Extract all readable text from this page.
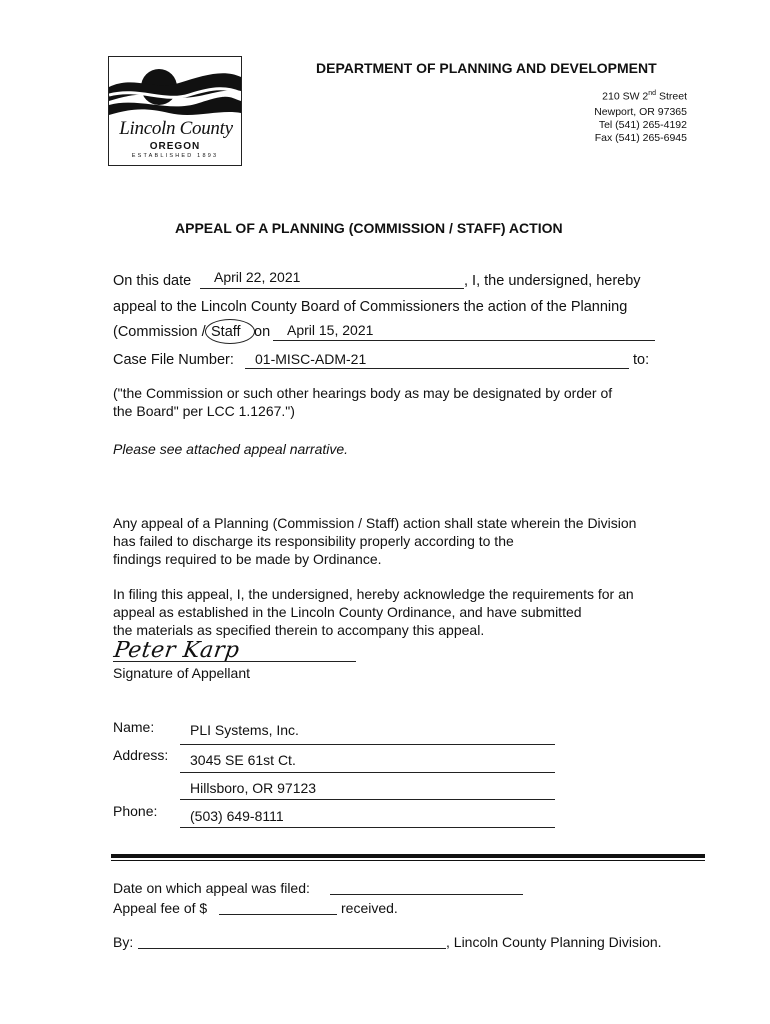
Lincoln County
OREGON
ESTABLISHED 1893
DEPARTMENT OF PLANNING AND DEVELOPMENT
210 SW 2nd Street
Newport, OR 97365
Tel (541) 265-4192
Fax (541) 265-6945
APPEAL OF A PLANNING (COMMISSION / STAFF) ACTION
On this date April 22, 2021	, I, the undersigned, hereby
appeal to the Lincoln County Board of Commissioners the action of the Planning
(Commission / Staff on April 15, 2021
Case File Number: 01-MISC-ADM-21	to:
("the Commission or such other hearings body as may be designated by order of
the Board" per LCC 1.1267.")
Please see attached appeal narrative.
Any appeal of a Planning (Commission / Staff) action shall state wherein the Division
has failed to discharge its responsibility properly according to the
findings required to be made by Ordinance.
In filing this appeal, I, the undersigned, hereby acknowledge the requirements for an
appeal as established in the Lincoln County Ordinance, and have submitted
the materials as specified therein to accompany this appeal.
Peter Karp
Signature of Appellant
Name:	PLI Systems, Inc.
Address: 3045 SE 61st Ct.
Hillsboro, OR 97123
Phone: (503) 649-8111
Date on which appeal was filed:
Appeal fee of $	received.
By:	, Lincoln County Planning Division.
